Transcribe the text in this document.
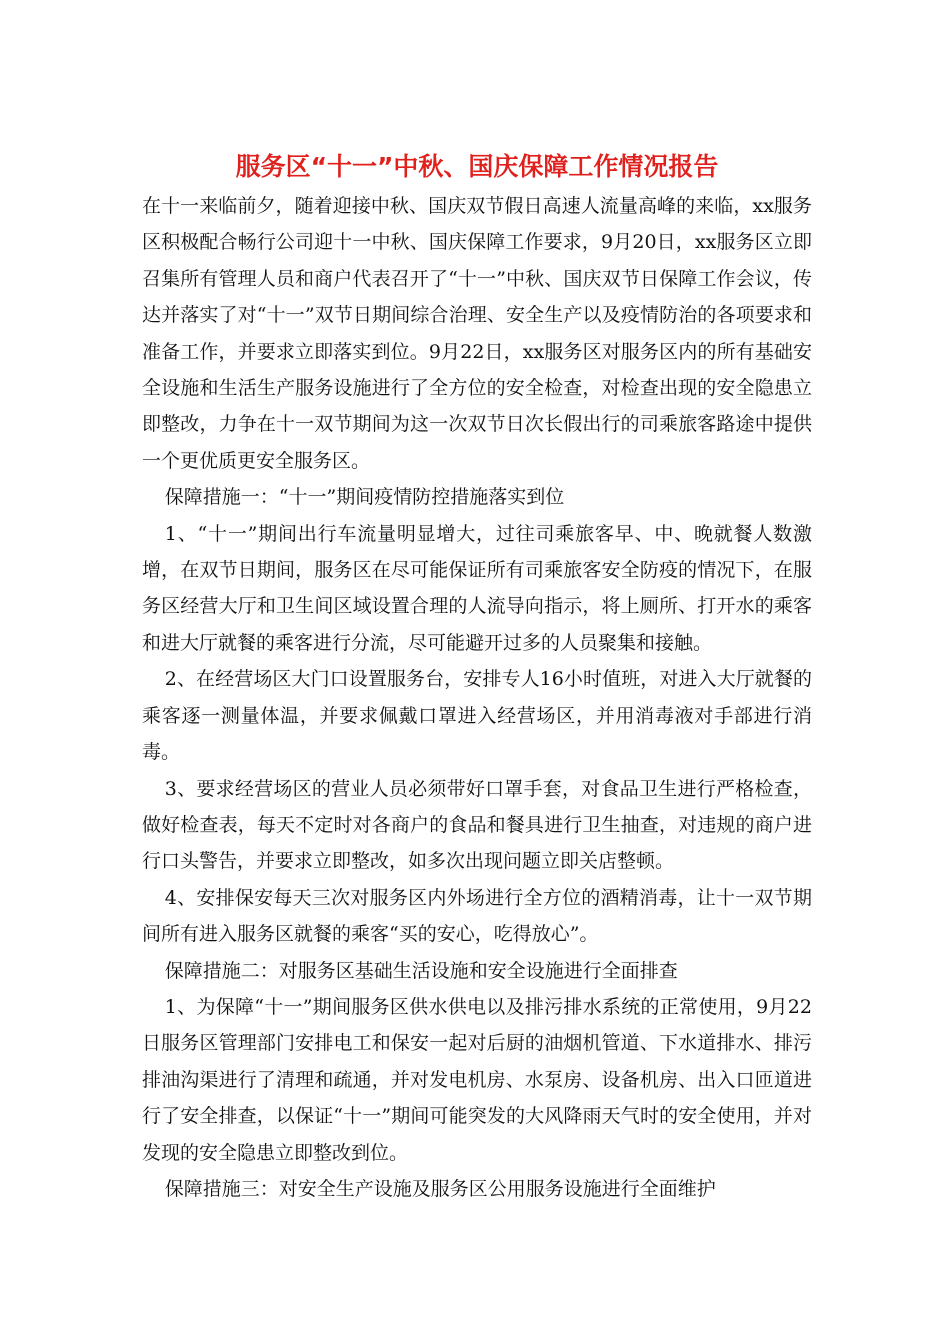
服务区“十一”中秋、国庆保障工作情况报告

在十一来临前夕，随着迎接中秋、国庆双节假日高速人流量高峰的来临，xx服务区积极配合畅行公司迎十一中秋、国庆保障工作要求，9月20日，xx服务区立即召集所有管理人员和商户代表召开了“十一”中秋、国庆双节日保障工作会议，传达并落实了对“十一”双节日期间综合治理、安全生产以及疫情防治的各项要求和准备工作，并要求立即落实到位。9月22日，xx服务区对服务区内的所有基础安全设施和生活生产服务设施进行了全方位的安全检查，对检查出现的安全隐患立即整改，力争在十一双节期间为这一次双节日次长假出行的司乘旅客路途中提供一个更优质更安全服务区。

保障措施一：“十一”期间疫情防控措施落实到位

1、“十一”期间出行车流量明显增大，过往司乘旅客早、中、晚就餐人数激增，在双节日期间，服务区在尽可能保证所有司乘旅客安全防疫的情况下，在服务区经营大厅和卫生间区域设置合理的人流导向指示，将上厕所、打开水的乘客和进大厅就餐的乘客进行分流，尽可能避开过多的人员聚集和接触。

2、在经营场区大门口设置服务台，安排专人16小时值班，对进入大厅就餐的乘客逐一测量体温，并要求佩戴口罩进入经营场区，并用消毒液对手部进行消毒。

3、要求经营场区的营业人员必须带好口罩手套，对食品卫生进行严格检查，做好检查表，每天不定时对各商户的食品和餐具进行卫生抽查，对违规的商户进行口头警告，并要求立即整改，如多次出现问题立即关店整顿。

4、安排保安每天三次对服务区内外场进行全方位的酒精消毒，让十一双节期间所有进入服务区就餐的乘客“买的安心，吃得放心”。

保障措施二：对服务区基础生活设施和安全设施进行全面排查

1、为保障“十一”期间服务区供水供电以及排污排水系统的正常使用，9月22日服务区管理部门安排电工和保安一起对后厨的油烟机管道、下水道排水、排污排油沟渠进行了清理和疏通，并对发电机房、水泵房、设备机房、出入口匝道进行了安全排查，以保证“十一”期间可能突发的大风降雨天气时的安全使用，并对发现的安全隐患立即整改到位。

保障措施三：对安全生产设施及服务区公用服务设施进行全面维护
